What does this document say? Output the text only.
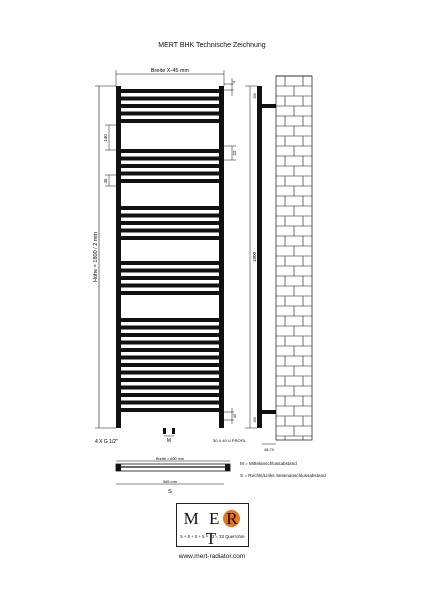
MERT BHK Technische Zeichnung
Breite X-45 mm
4
Höhe = 1800 / 2 mm
140
45
22
45
M
4 X G 1/2"	30 X 40 U PROFIL
1800
150
150
48-70
Breite = 600 mm
565 mm
S
M = Mittelanschlussabstand
S = Rechts/Links Seitenanschlussabstand
M E RT
5 + 5 + 5 + 5 + 13 = 33 Querrohre
www.mert-radiator.com
